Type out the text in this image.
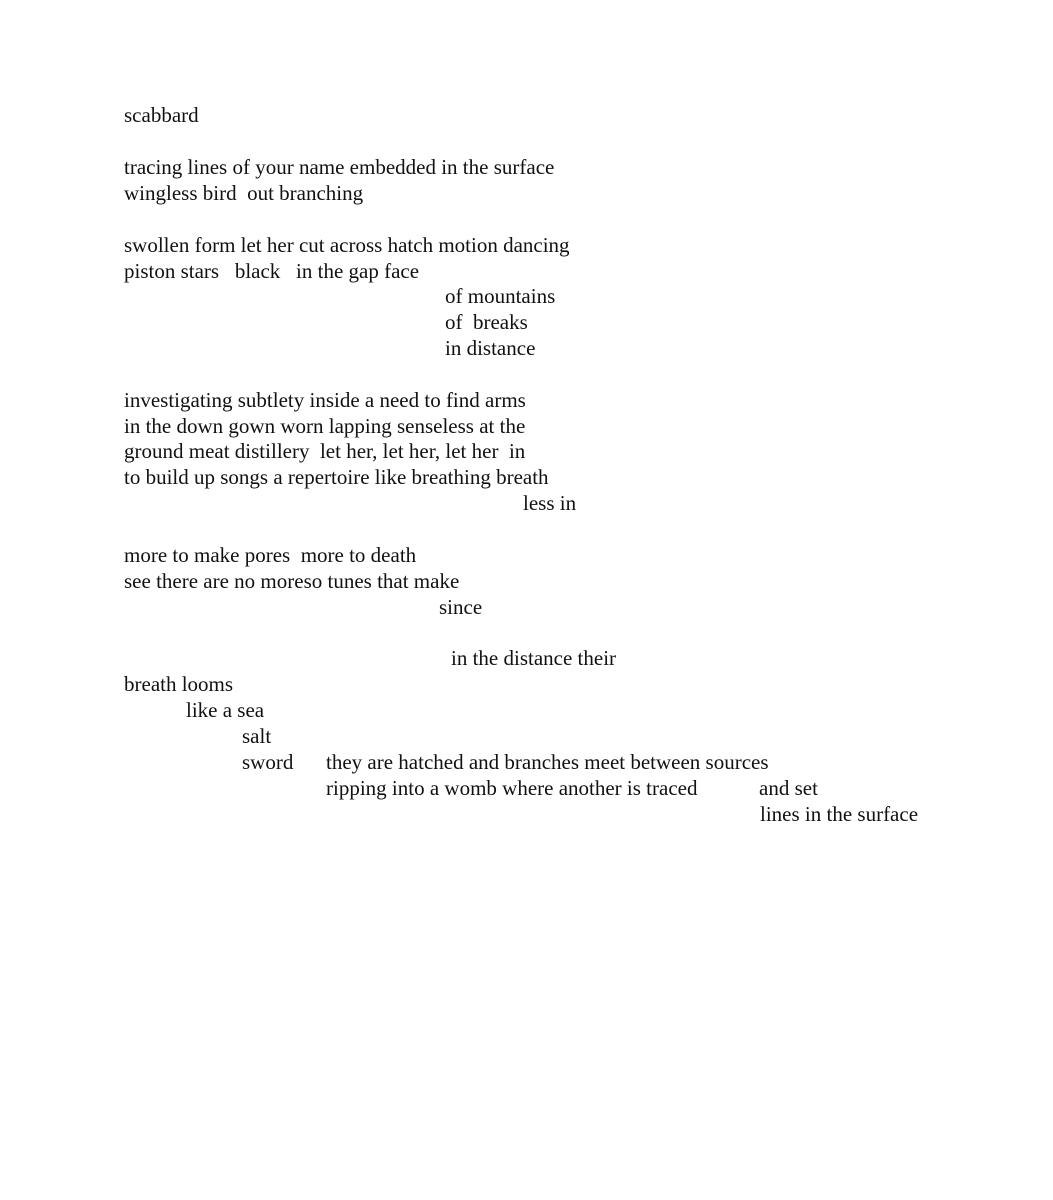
scabbard

tracing lines of your name embedded in the surface

wingless bird  out branching

swollen form let her cut across hatch motion dancing

piston stars   black   in the gap face

of mountains

of  breaks

in distance

investigating subtlety inside a need to find arms

in the down gown worn lapping senseless at the

ground meat distillery  let her, let her, let her  in

to build up songs a repertoire like breathing breath

less in

more to make pores  more to death

see there are no moreso tunes that make

since

in the distance their

breath looms

like a sea

salt

sword they are hatched and branches meet between sources

ripping into a womb where another is traced	and set

lines in the surface
